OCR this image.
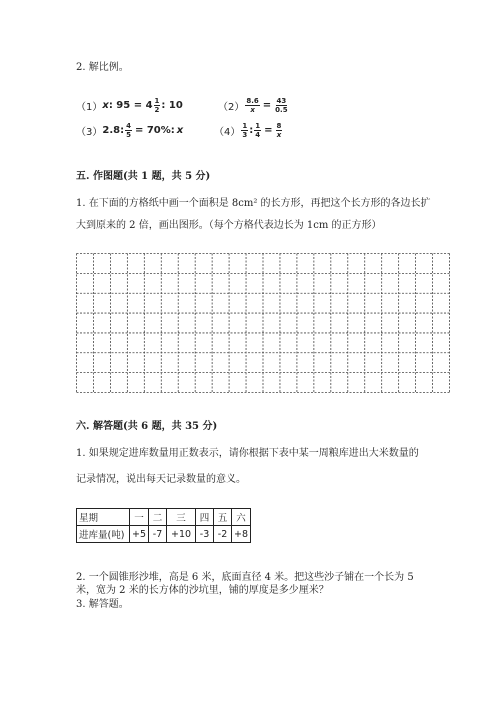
2. 解比例。
（1） x : $95 = 4 \frac{1}{2}$ : 10	$(2) \frac{8.6}{x} = \frac{43}{0.5}$
（3） 2.8: $\frac{4}{5} = 70\%$: x	$(4) \frac{1}{3}$ : $\frac{1}{4} = \frac{8}{x}$
五. 作图题(共 1 题，共 5 分)
1. 在下面的方格纸中画一个面积是 8cm² 的长方形，再把这个长方形的各边长扩
大到原来的 2 倍，画出图形。（每个方格代表边长为 1cm 的正方形）
六. 解答题(共 6 题，共 35 分)
1. 如果规定进库数量用正数表示，请你根据下表中某一周粮库进出大米数量的
记录情况，说出每天记录数量的意义。
星期	一	二	三	四	五	六
进库量(吨)	+5	-7	+10	-3	-2	+8
2. 一个圆锥形沙堆，高是 6 米，底面直径 4 米。把这些沙子铺在一个长为 5
米，宽为 2 米的长方体的沙坑里，铺的厚度是多少厘米？
3. 解答题。
